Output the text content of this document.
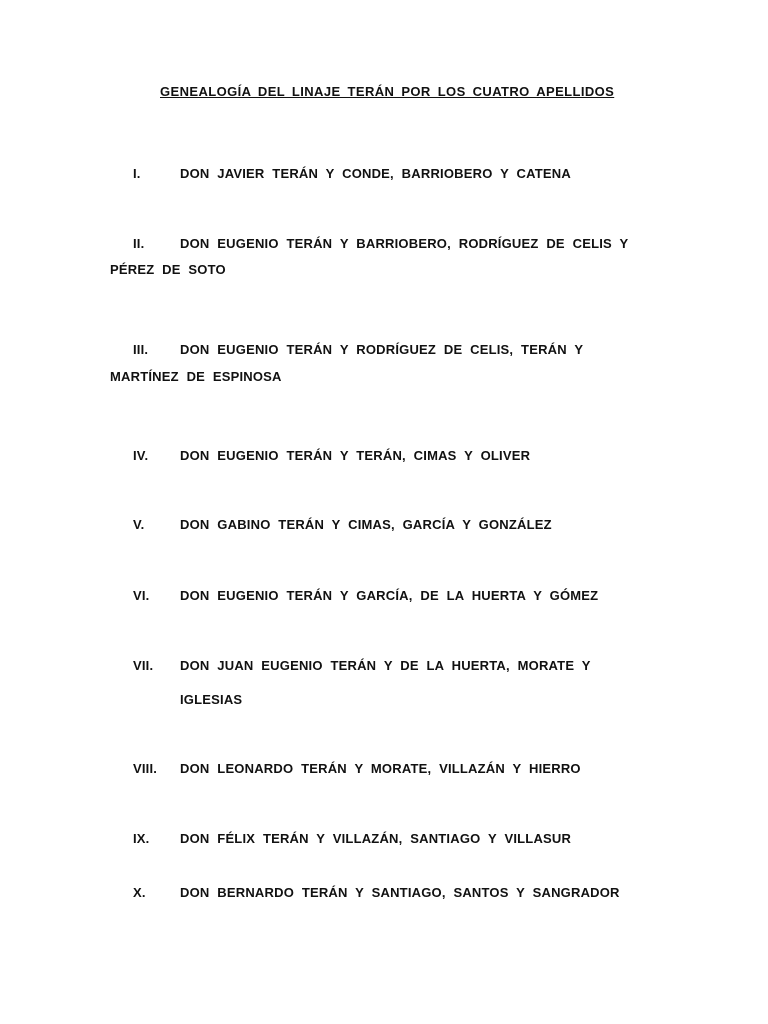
GENEALOGÍA DEL LINAJE TERÁN POR LOS CUATRO APELLIDOS
I.	DON JAVIER TERÁN Y CONDE, BARRIOBERO Y CATENA
II.	DON EUGENIO TERÁN Y BARRIOBERO, RODRÍGUEZ DE CELIS Y
PÉREZ DE SOTO
III. DON EUGENIO TERÁN Y RODRÍGUEZ DE CELIS, TERÁN Y
MARTÍNEZ DE ESPINOSA
IV. DON EUGENIO TERÁN Y TERÁN, CIMAS Y OLIVER
V.	DON GABINO TERÁN Y CIMAS, GARCÍA Y GONZÁLEZ
VI. DON EUGENIO TERÁN Y GARCÍA, DE LA HUERTA Y GÓMEZ
VII. DON JUAN EUGENIO TERÁN Y DE LA HUERTA, MORATE Y
IGLESIAS
VIII. DON LEONARDO TERÁN Y MORATE, VILLAZÁN Y HIERRO
IX. DON FÉLIX TERÁN Y VILLAZÁN, SANTIAGO Y VILLASUR
X.	DON BERNARDO TERÁN Y SANTIAGO, SANTOS Y SANGRADOR
